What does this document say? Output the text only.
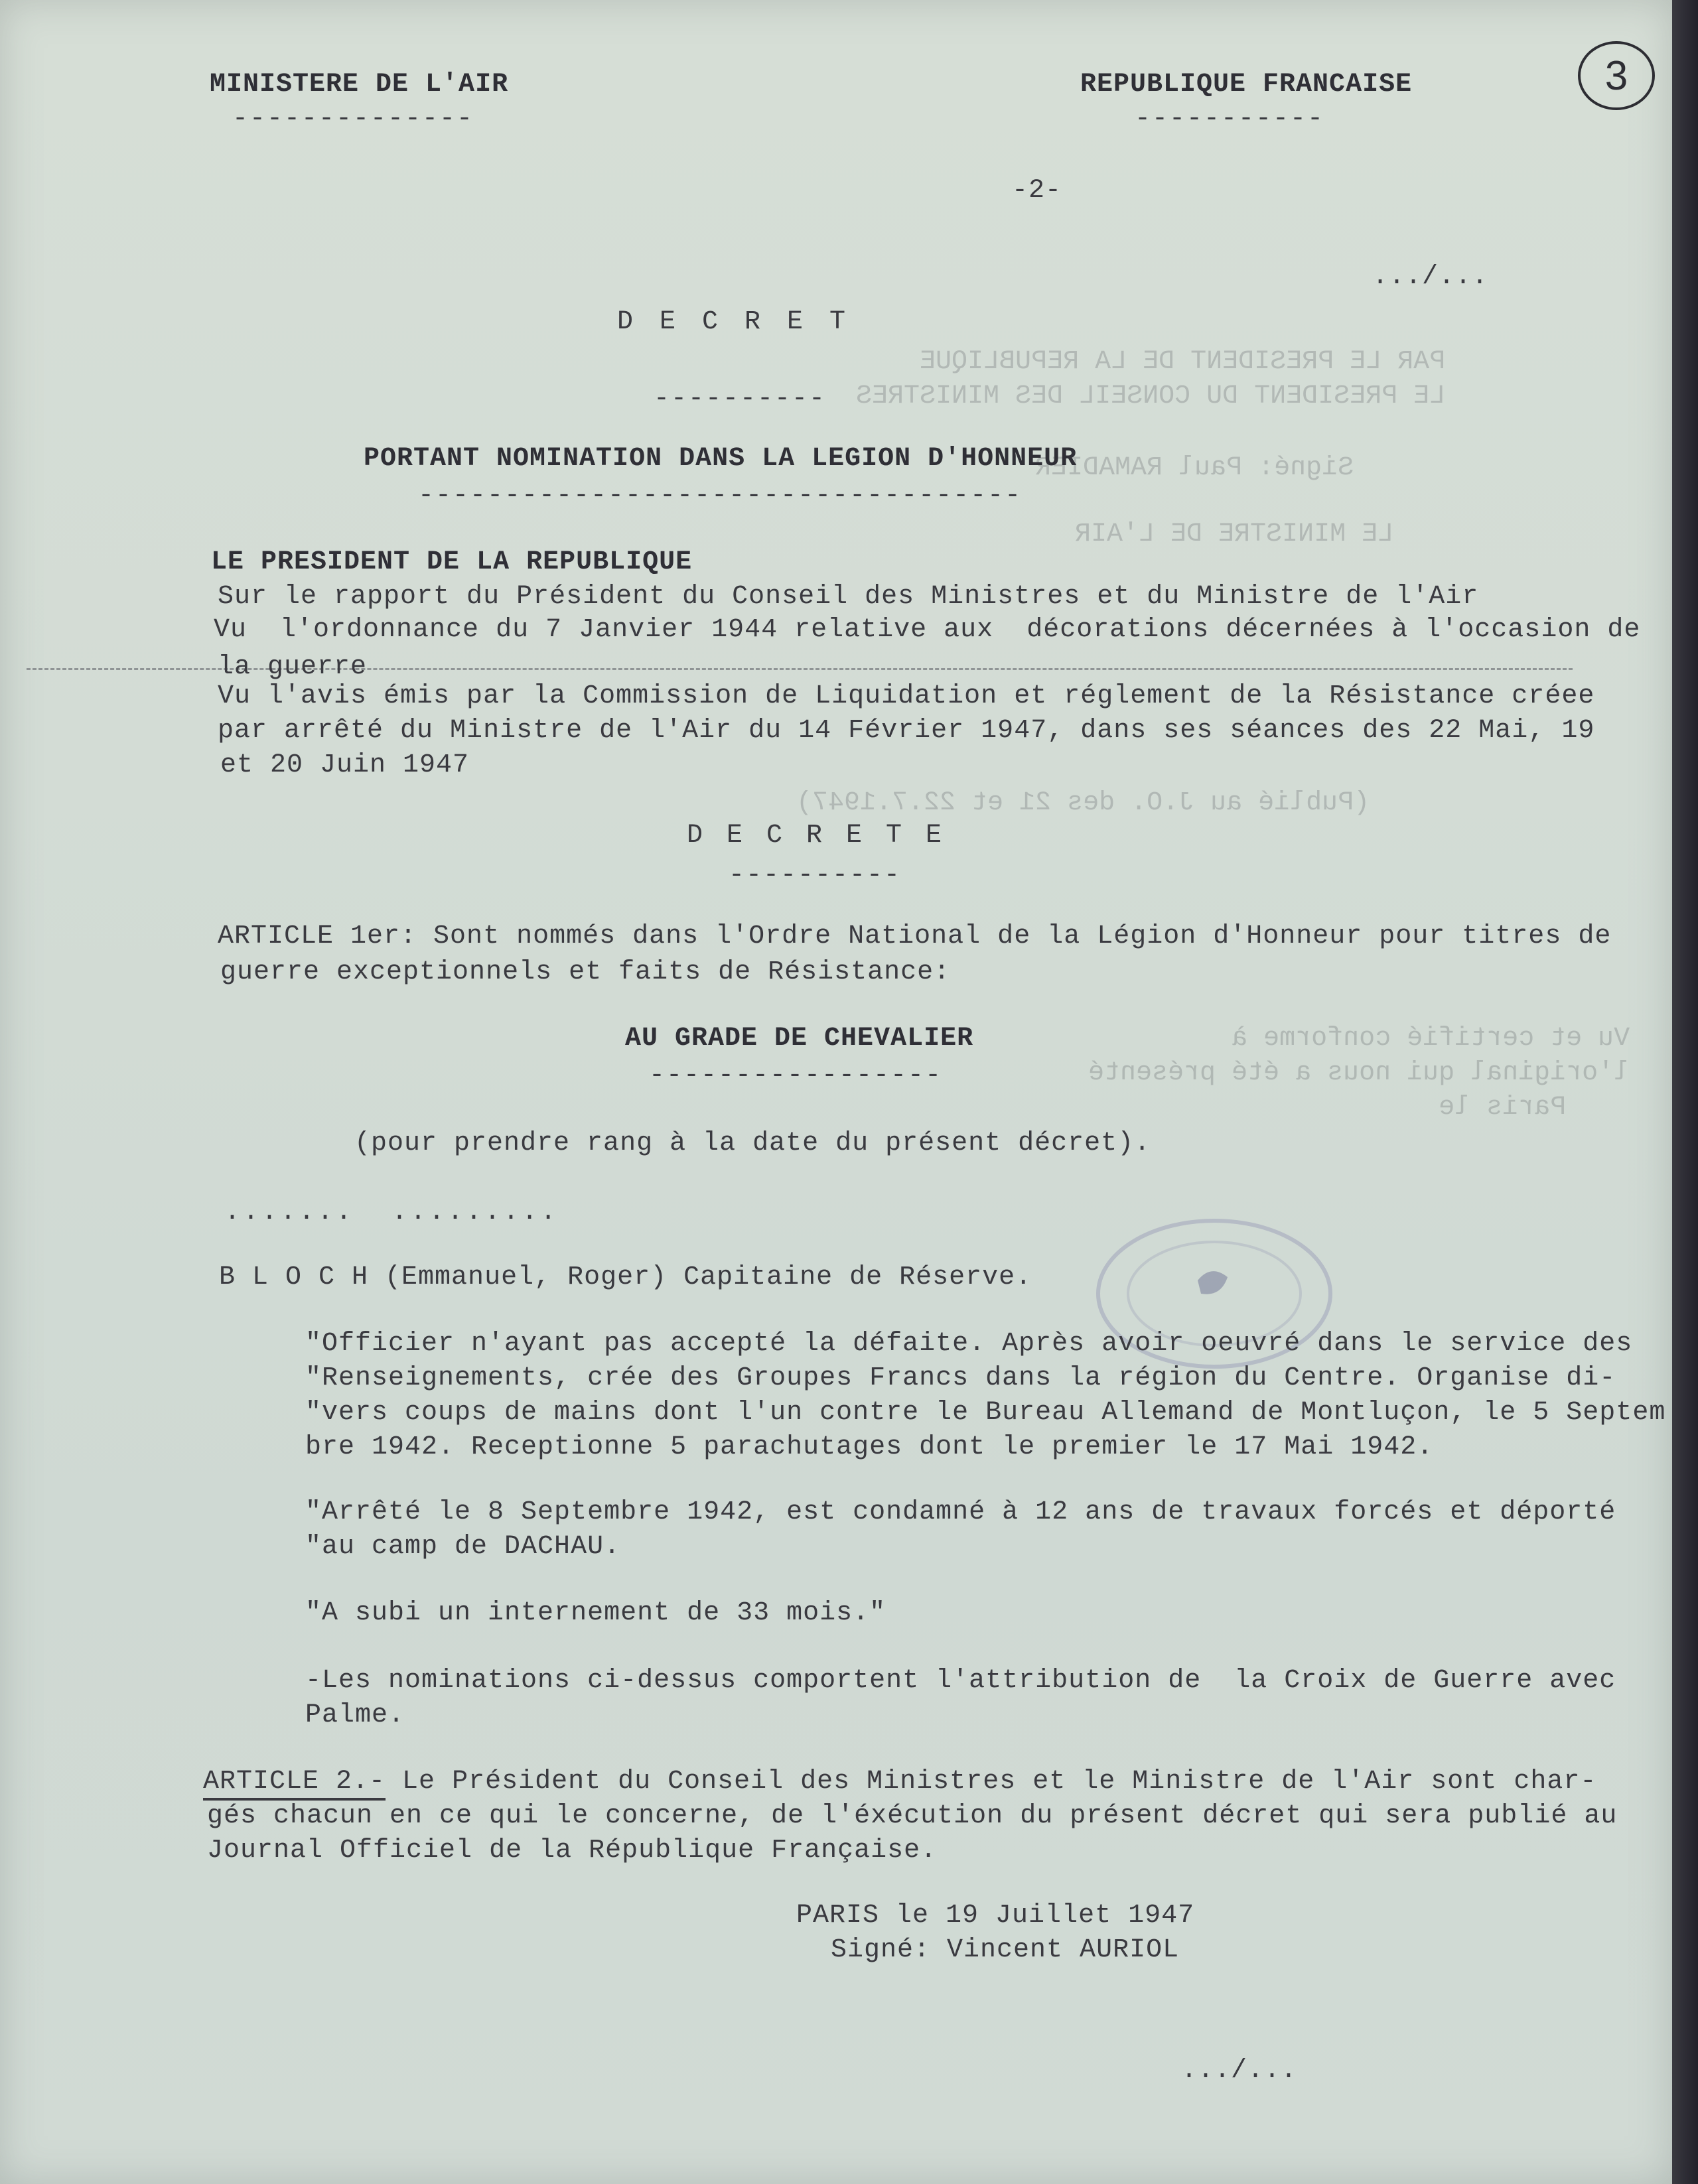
PAR LE PRESIDENT DE LA REPUBLIQUE
LE PRESIDENT DU CONSEIL DES MINISTRES
Signé: Paul RAMADIER
LE MINISTRE DE L'AIR
(Publié au J.O. des 21 et 22.7.1947)
Vu et certifié conforme à
l'original qui nous a été présenté
Paris le
MINISTERE DE L'AIR
--------------
REPUBLIQUE FRANCAISE
-----------
3
-2-
.../...
D E C R E T
----------
PORTANT NOMINATION DANS LA LEGION D'HONNEUR
-----------------------------------
LE PRESIDENT DE LA REPUBLIQUE
Sur le rapport du Président du Conseil des Ministres et du Ministre de l'Air
Vu  l'ordonnance du 7 Janvier 1944 relative aux  décorations décernées à l'occasion de
la guerre
Vu l'avis émis par la Commission de Liquidation et réglement de la Résistance créee
par arrêté du Ministre de l'Air du 14 Février 1947, dans ses séances des 22 Mai, 19
et 20 Juin 1947
D E C R E T E
----------
ARTICLE 1er: Sont nommés dans l'Ordre National de la Légion d'Honneur pour titres de
guerre exceptionnels et faits de Résistance:
AU GRADE DE CHEVALIER
-----------------
(pour prendre rang à la date du présent décret).
.......  .........
B L O C H (Emmanuel, Roger) Capitaine de Réserve.
"Officier n'ayant pas accepté la défaite. Après avoir oeuvré dans le service des
"Renseignements, crée des Groupes Francs dans la région du Centre. Organise di-
"vers coups de mains dont l'un contre le Bureau Allemand de Montluçon, le 5 Septem
bre 1942. Receptionne 5 parachutages dont le premier le 17 Mai 1942.
"Arrêté le 8 Septembre 1942, est condamné à 12 ans de travaux forcés et déporté
"au camp de DACHAU.
"A subi un internement de 33 mois."
-Les nominations ci-dessus comportent l'attribution de  la Croix de Guerre avec
Palme.
ARTICLE 2.- Le Président du Conseil des Ministres et le Ministre de l'Air sont char-
gés chacun en ce qui le concerne, de l'éxécution du présent décret qui sera publié au
Journal Officiel de la République Française.
PARIS le 19 Juillet 1947
Signé: Vincent AURIOL
.../...
